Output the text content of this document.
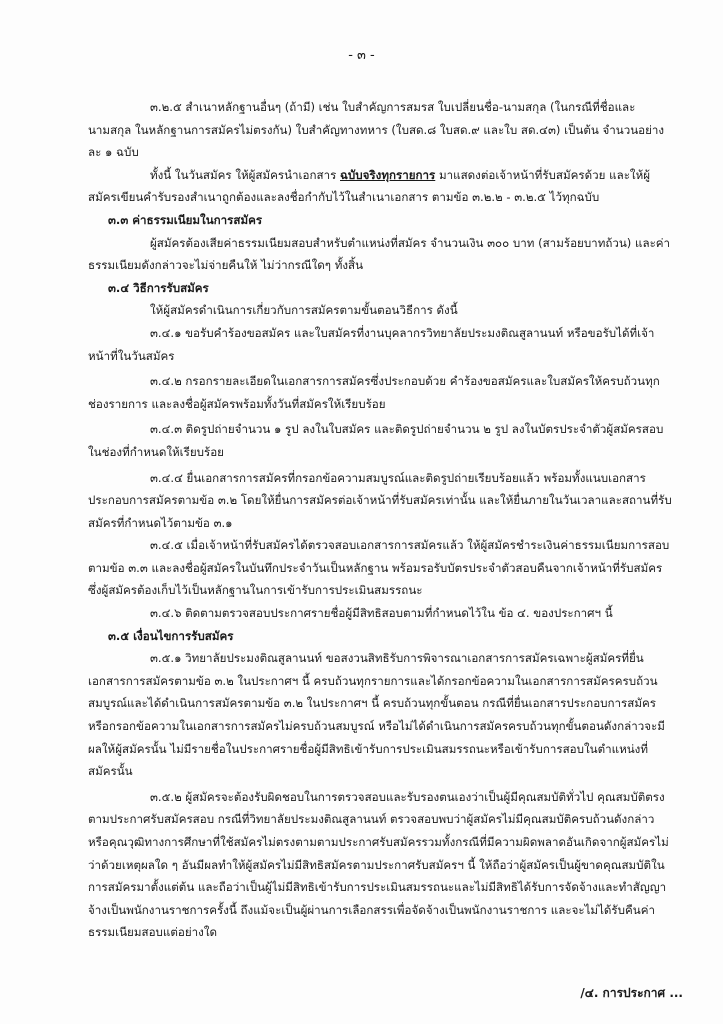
- ๓ -

๓.๒.๕ สำเนาหลักฐานอื่นๆ (ถ้ามี) เช่น ใบสำคัญการสมรส ใบเปลี่ยนชื่อ-นามสกุล (ในกรณีที่ชื่อและนามสกุล ในหลักฐานการสมัครไม่ตรงกัน) ใบสำคัญทางทหาร (ใบสด.๘ ใบสด.๙ และใบ สด.๔๓) เป็นต้น จำนวนอย่างละ ๑ ฉบับ

ทั้งนี้ ในวันสมัคร ให้ผู้สมัครนำเอกสาร ฉบับจริงทุกรายการ มาแสดงต่อเจ้าหน้าที่รับสมัครด้วย และให้ผู้สมัครเขียนคำรับรองสำเนาถูกต้องและลงชื่อกำกับไว้ในสำเนาเอกสาร ตามข้อ ๓.๒.๒ - ๓.๒.๕ ไว้ทุกฉบับ

๓.๓ ค่าธรรมเนียมในการสมัคร

ผู้สมัครต้องเสียค่าธรรมเนียมสอบสำหรับตำแหน่งที่สมัคร จำนวนเงิน ๓๐๐ บาท (สามร้อยบาทถ้วน) และค่าธรรมเนียมดังกล่าวจะไม่จ่ายคืนให้ ไม่ว่ากรณีใดๆ ทั้งสิ้น

๓.๔ วิธีการรับสมัคร

ให้ผู้สมัครดำเนินการเกี่ยวกับการสมัครตามขั้นตอนวิธีการ ดังนี้

๓.๔.๑ ขอรับคำร้องขอสมัคร และใบสมัครที่งานบุคลากรวิทยาลัยประมงติณสูลานนท์ หรือขอรับได้ที่เจ้าหน้าที่ในวันสมัคร

๓.๔.๒ กรอกรายละเอียดในเอกสารการสมัครซึ่งประกอบด้วย คำร้องขอสมัครและใบสมัครให้ครบถ้วนทุกช่องรายการ และลงชื่อผู้สมัครพร้อมทั้งวันที่สมัครให้เรียบร้อย

๓.๔.๓ ติดรูปถ่ายจำนวน ๑ รูป ลงในใบสมัคร และติดรูปถ่ายจำนวน ๒ รูป ลงในบัตรประจำตัวผู้สมัครสอบในช่องที่กำหนดให้เรียบร้อย

๓.๔.๔ ยื่นเอกสารการสมัครที่กรอกข้อความสมบูรณ์และติดรูปถ่ายเรียบร้อยแล้ว พร้อมทั้งแนบเอกสารประกอบการสมัครตามข้อ ๓.๒ โดยให้ยื่นการสมัครต่อเจ้าหน้าที่รับสมัครเท่านั้น และให้ยื่นภายในวันเวลาและสถานที่รับสมัครที่กำหนดไว้ตามข้อ ๓.๑

๓.๔.๕ เมื่อเจ้าหน้าที่รับสมัครได้ตรวจสอบเอกสารการสมัครแล้ว ให้ผู้สมัครชำระเงินค่าธรรมเนียมการสอบตามข้อ ๓.๓ และลงชื่อผู้สมัครในบันทึกประจำวันเป็นหลักฐาน พร้อมรอรับบัตรประจำตัวสอบคืนจากเจ้าหน้าที่รับสมัคร ซึ่งผู้สมัครต้องเก็บไว้เป็นหลักฐานในการเข้ารับการประเมินสมรรถนะ

๓.๔.๖ ติดตามตรวจสอบประกาศรายชื่อผู้มีสิทธิสอบตามที่กำหนดไว้ใน ข้อ ๔. ของประกาศฯ นี้

๓.๕ เงื่อนไขการรับสมัคร

๓.๕.๑ วิทยาลัยประมงติณสูลานนท์ ขอสงวนสิทธิรับการพิจารณาเอกสารการสมัครเฉพาะผู้สมัครที่ยื่นเอกสารการสมัครตามข้อ ๓.๒ ในประกาศฯ นี้ ครบถ้วนทุกรายการและได้กรอกข้อความในเอกสารการสมัครครบถ้วนสมบูรณ์และได้ดำเนินการสมัครตามข้อ ๓.๒ ในประกาศฯ นี้ ครบถ้วนทุกขั้นตอน กรณีที่ยื่นเอกสารประกอบการสมัคร หรือกรอกข้อความในเอกสารการสมัครไม่ครบถ้วนสมบูรณ์ หรือไม่ได้ดำเนินการสมัครครบถ้วนทุกขั้นตอนดังกล่าวจะมีผลให้ผู้สมัครนั้น ไม่มีรายชื่อในประกาศรายชื่อผู้มีสิทธิเข้ารับการประเมินสมรรถนะหรือเข้ารับการสอบในตำแหน่งที่สมัครนั้น

๓.๕.๒ ผู้สมัครจะต้องรับผิดชอบในการตรวจสอบและรับรองตนเองว่าเป็นผู้มีคุณสมบัติทั่วไป คุณสมบัติตรงตามประกาศรับสมัครสอบ กรณีที่วิทยาลัยประมงติณสูลานนท์ ตรวจสอบพบว่าผู้สมัครไม่มีคุณสมบัติครบถ้วนดังกล่าว หรือคุณวุฒิทางการศึกษาที่ใช้สมัครไม่ตรงตามตามประกาศรับสมัครรวมทั้งกรณีที่มีความผิดพลาดอันเกิดจากผู้สมัครไม่ว่าด้วยเหตุผลใด ๆ อันมีผลทำให้ผู้สมัครไม่มีสิทธิสมัครตามประกาศรับสมัครฯ นี้ ให้ถือว่าผู้สมัครเป็นผู้ขาดคุณสมบัติในการสมัครมาตั้งแต่ต้น และถือว่าเป็นผู้ไม่มีสิทธิเข้ารับการประเมินสมรรถนะและไม่มีสิทธิได้รับการจัดจ้างและทำสัญญาจ้างเป็นพนักงานราชการครั้งนี้ ถึงแม้จะเป็นผู้ผ่านการเลือกสรรเพื่อจัดจ้างเป็นพนักงานราชการ และจะไม่ได้รับคืนค่าธรรมเนียมสอบแต่อย่างใด

/๔. การประกาศ ...
